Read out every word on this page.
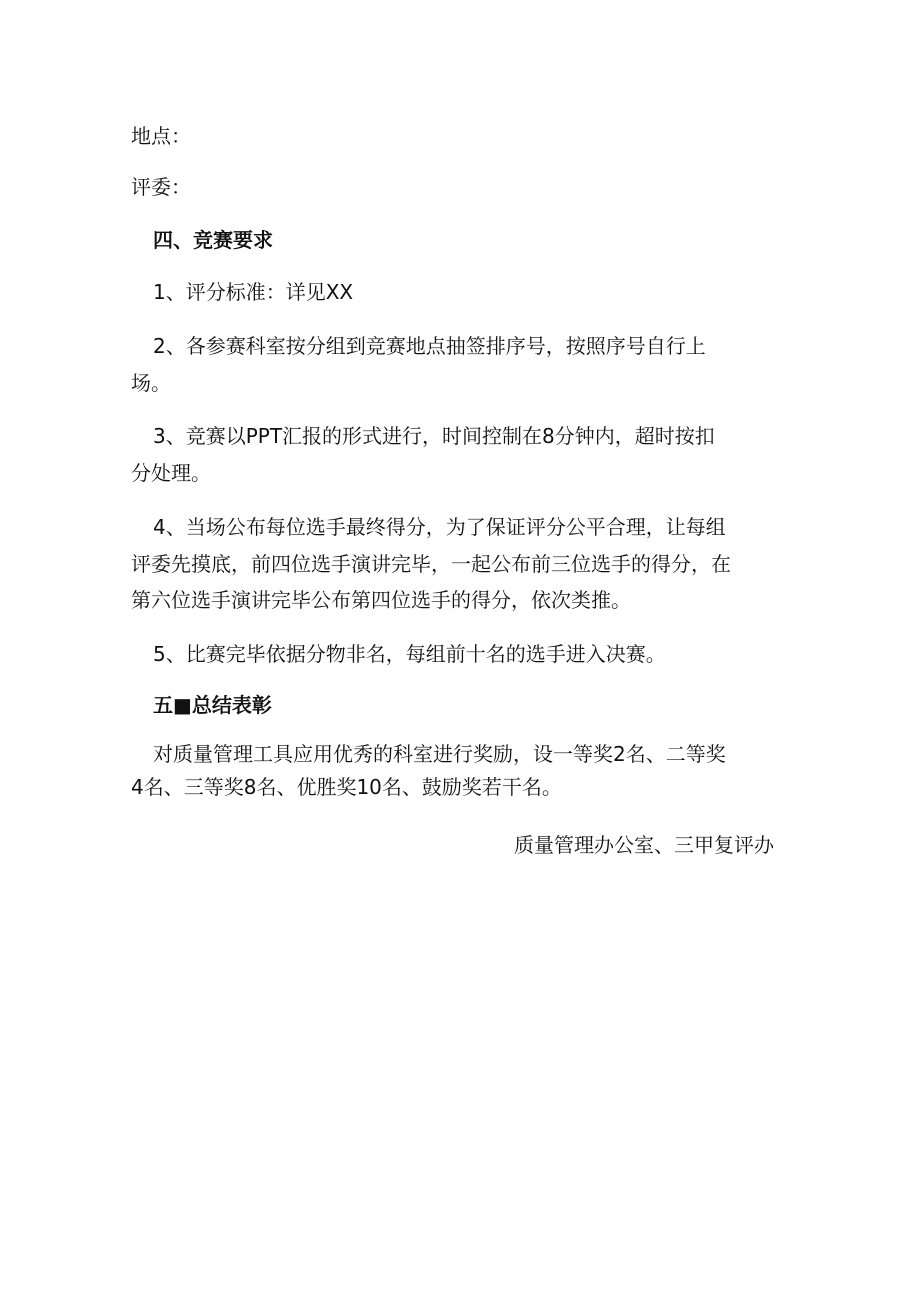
地点：
评委：
四、竞赛要求
1、评分标准：详见XX
2、各参赛科室按分组到竞赛地点抽签排序号，按照序号自行上
场。
3、竞赛以PPT汇报的形式进行，时间控制在8分钟内，超时按扣
分处理。
4、当场公布每位选手最终得分，为了保证评分公平合理，让每组
评委先摸底，前四位选手演讲完毕，一起公布前三位选手的得分，在
第六位选手演讲完毕公布第四位选手的得分，依次类推。
5、比赛完毕依据分物非名，每组前十名的选手进入决赛。
五■总结表彰
对质量管理工具应用优秀的科室进行奖励，设一等奖2名、二等奖
4名、三等奖8名、优胜奖10名、鼓励奖若干名。
质量管理办公室、三甲复评办
